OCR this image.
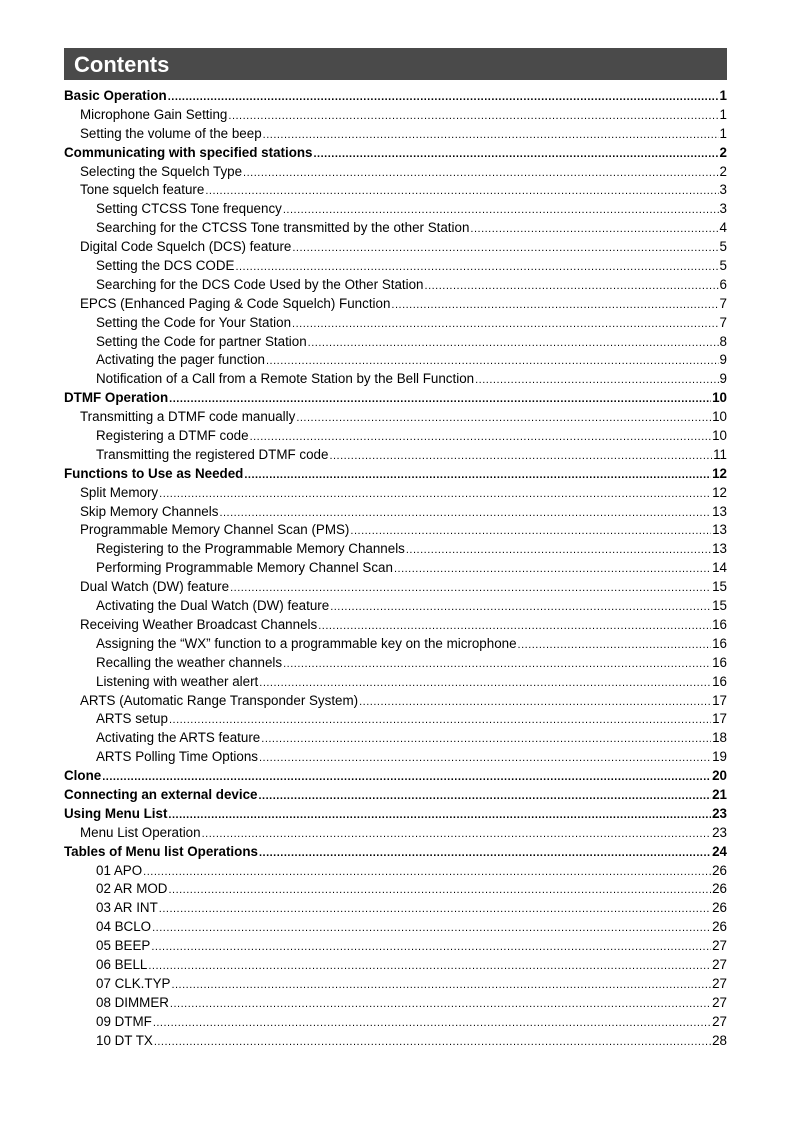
Contents
Basic Operation .....	1
Microphone Gain Setting .....	1
Setting the volume of the beep .....	1
Communicating with specified stations .....	2
Selecting the Squelch Type .....	2
Tone squelch feature .....	3
Setting CTCSS Tone frequency .....	3
Searching for the CTCSS Tone transmitted by the other Station .....	4
Digital Code Squelch (DCS) feature .....	5
Setting the DCS CODE .....	5
Searching for the DCS Code Used by the Other Station .....	6
EPCS (Enhanced Paging & Code Squelch) Function .....	7
Setting the Code for Your Station .....	7
Setting the Code for partner Station .....	8
Activating the pager function .....	9
Notification of a Call from a Remote Station by the Bell Function .....	9
DTMF Operation .....	10
Transmitting a DTMF code manually .....	10
Registering a DTMF code .....	10
Transmitting the registered DTMF code .....	11
Functions to Use as Needed .....	12
Split Memory .....	12
Skip Memory Channels .....	13
Programmable Memory Channel Scan (PMS) .....	13
Registering to the Programmable Memory Channels .....	13
Performing Programmable Memory Channel Scan .....	14
Dual Watch (DW) feature .....	15
Activating the Dual Watch (DW) feature .....	15
Receiving Weather Broadcast Channels .....	16
Assigning the “WX” function to a programmable key on the microphone .....	16
Recalling the weather channels .....	16
Listening with weather alert .....	16
ARTS (Automatic Range Transponder System) .....	17
ARTS setup .....	17
Activating the ARTS feature .....	18
ARTS Polling Time Options .....	19
Clone .....	20
Connecting an external device .....	21
Using Menu List .....	23
Menu List Operation .....	23
Tables of Menu list Operations .....	24
01 APO .....	26
02 AR MOD .....	26
03 AR INT .....	26
04 BCLO .....	26
05 BEEP .....	27
06 BELL .....	27
07 CLK.TYP .....	27
08 DIMMER .....	27
09 DTMF .....	27
10 DT TX .....	28
